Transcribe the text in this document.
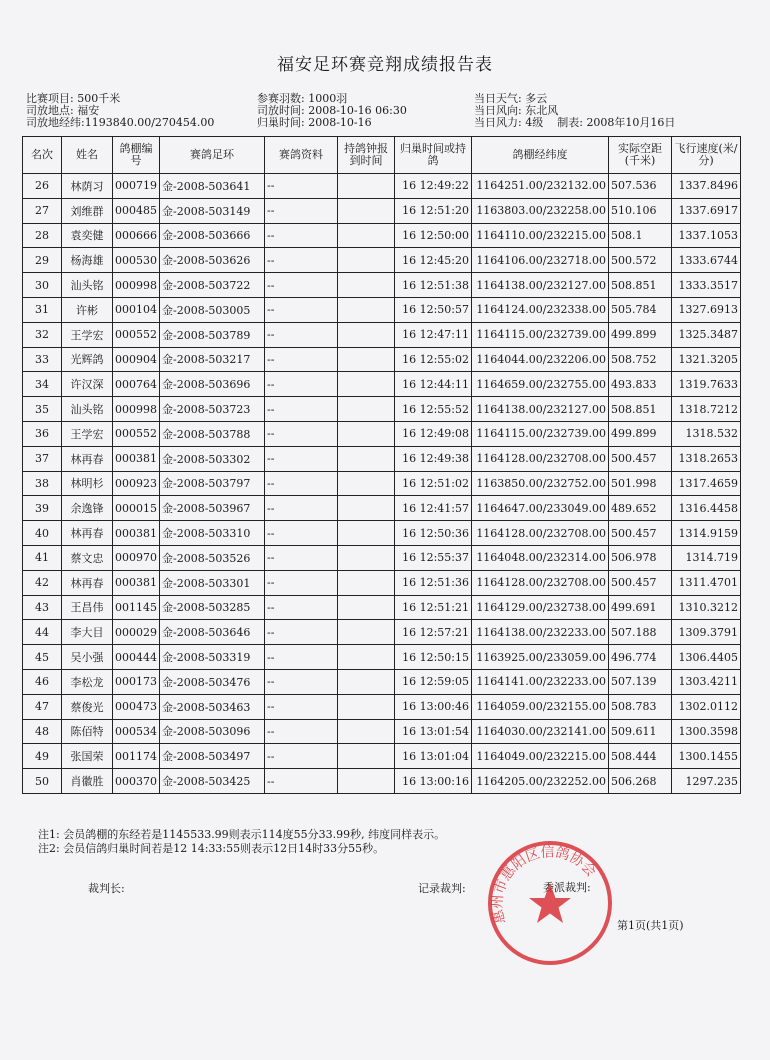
福安足环赛竞翔成绩报告表
比赛项目: 500千米
司放地点: 福安
司放地经纬:1193840.00/270454.00
参赛羽数: 1000羽
司放时间: 2008-10-16 06:30
归巢时间: 2008-10-16
当日天气: 多云
当日风向: 东北风
当日风力: 4级 制表: 2008年10月16日
名次	姓名	鸽棚编号	赛鸽足环	赛鸽资料	持鸽钟报到时间	归巢时间或持鸽	鸽棚经纬度	实际空距(千米)	飞行速度(米/分)
26	林荫习	000719	金-2008-503641	--		16 12:49:22	1164251.00/232132.00	507.536	1337.8496
27	刘维群	000485	金-2008-503149	--		16 12:51:20	1163803.00/232258.00	510.106	1337.6917
28	袁奕健	000666	金-2008-503666	--		16 12:50:00	1164110.00/232215.00	508.1	1337.1053
29	杨海雄	000530	金-2008-503626	--		16 12:45:20	1164106.00/232718.00	500.572	1333.6744
30	汕头铭	000998	金-2008-503722	--		16 12:51:38	1164138.00/232127.00	508.851	1333.3517
31	许彬	000104	金-2008-503005	--		16 12:50:57	1164124.00/232338.00	505.784	1327.6913
32	王学宏	000552	金-2008-503789	--		16 12:47:11	1164115.00/232739.00	499.899	1325.3487
33	光辉鸽	000904	金-2008-503217	--		16 12:55:02	1164044.00/232206.00	508.752	1321.3205
34	许汉深	000764	金-2008-503696	--		16 12:44:11	1164659.00/232755.00	493.833	1319.7633
35	汕头铭	000998	金-2008-503723	--		16 12:55:52	1164138.00/232127.00	508.851	1318.7212
36	王学宏	000552	金-2008-503788	--		16 12:49:08	1164115.00/232739.00	499.899	1318.532
37	林再春	000381	金-2008-503302	--		16 12:49:38	1164128.00/232708.00	500.457	1318.2653
38	林明杉	000923	金-2008-503797	--		16 12:51:02	1163850.00/232752.00	501.998	1317.4659
39	余逸锋	000015	金-2008-503967	--		16 12:41:57	1164647.00/233049.00	489.652	1316.4458
40	林再春	000381	金-2008-503310	--		16 12:50:36	1164128.00/232708.00	500.457	1314.9159
41	蔡文忠	000970	金-2008-503526	--		16 12:55:37	1164048.00/232314.00	506.978	1314.719
42	林再春	000381	金-2008-503301	--		16 12:51:36	1164128.00/232708.00	500.457	1311.4701
43	王昌伟	001145	金-2008-503285	--		16 12:51:21	1164129.00/232738.00	499.691	1310.3212
44	李大目	000029	金-2008-503646	--		16 12:57:21	1164138.00/232233.00	507.188	1309.3791
45	吴小强	000444	金-2008-503319	--		16 12:50:15	1163925.00/233059.00	496.774	1306.4405
46	李松龙	000173	金-2008-503476	--		16 12:59:05	1164141.00/232233.00	507.139	1303.4211
47	蔡俊光	000473	金-2008-503463	--		16 13:00:46	1164059.00/232155.00	508.783	1302.0112
48	陈佰特	000534	金-2008-503096	--		16 13:01:54	1164030.00/232141.00	509.611	1300.3598
49	张国荣	001174	金-2008-503497	--		16 13:01:04	1164049.00/232215.00	508.444	1300.1455
50	肖徽胜	000370	金-2008-503425	--		16 13:00:16	1164205.00/232252.00	506.268	1297.235
注1: 会员鸽棚的东经若是1145533.99则表示114度55分33.99秒, 纬度同样表示。
注2: 会员信鸽归巢时间若是12 14:33:55则表示12日14时33分55秒。
裁判长:	记录裁判:	委派裁判:
第1页(共1页)
惠州市惠阳区信鸽协会
